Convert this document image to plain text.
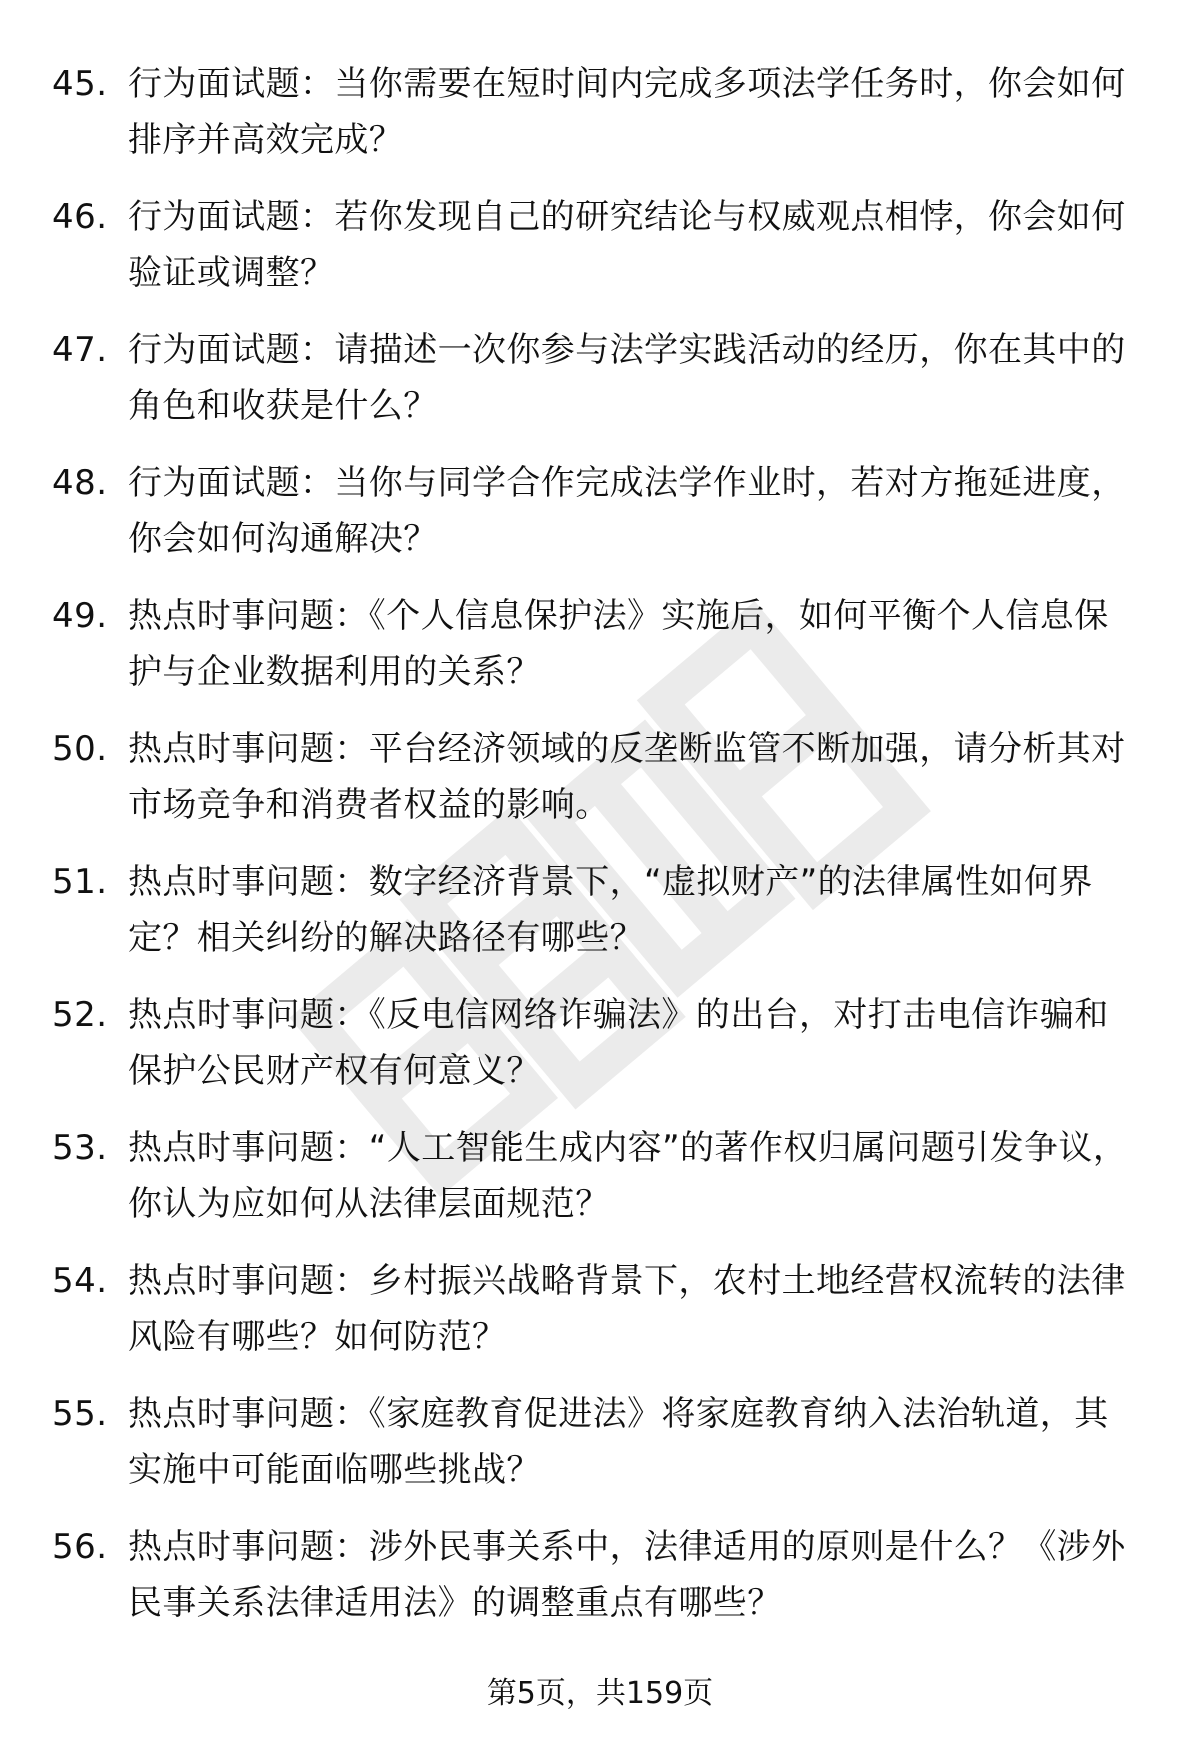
45. 行为面试题：当你需要在短时间内完成多项法学任务时，你会如何排序并高效完成？
46. 行为面试题：若你发现自己的研究结论与权威观点相悖，你会如何验证或调整？
47. 行为面试题：请描述一次你参与法学实践活动的经历，你在其中的角色和收获是什么？
48. 行为面试题：当你与同学合作完成法学作业时，若对方拖延进度，你会如何沟通解决？
49. 热点时事问题：《个人信息保护法》实施后，如何平衡个人信息保护与企业数据利用的关系？
50. 热点时事问题：平台经济领域的反垄断监管不断加强，请分析其对市场竞争和消费者权益的影响。
51. 热点时事问题：数字经济背景下，“虚拟财产”的法律属性如何界定？相关纠纷的解决路径有哪些？
52. 热点时事问题：《反电信网络诈骗法》的出台，对打击电信诈骗和保护公民财产权有何意义？
53. 热点时事问题：“人工智能生成内容”的著作权归属问题引发争议，你认为应如何从法律层面规范？
54. 热点时事问题：乡村振兴战略背景下，农村土地经营权流转的法律风险有哪些？如何防范？
55. 热点时事问题：《家庭教育促进法》将家庭教育纳入法治轨道，其实施中可能面临哪些挑战？
56. 热点时事问题：涉外民事关系中，法律适用的原则是什么？《涉外民事关系法律适用法》的调整重点有哪些？
第5页，共159页
